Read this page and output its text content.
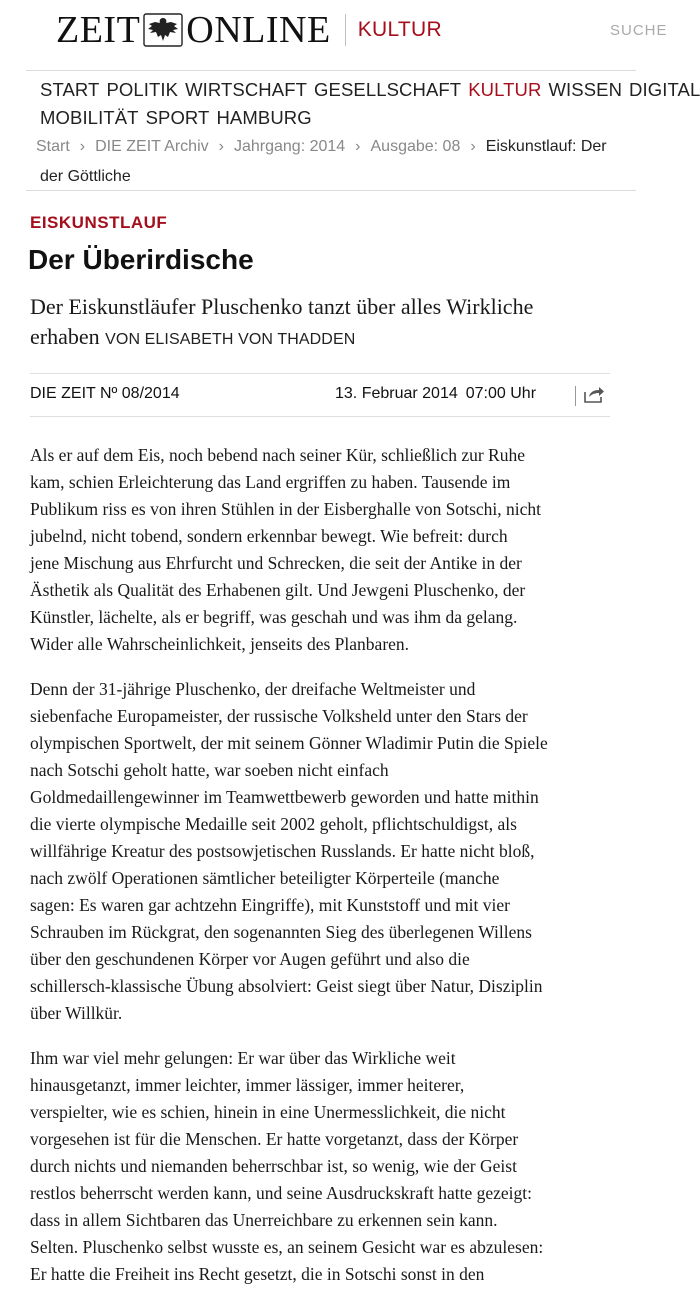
ZEIT ONLINE KULTUR	SUCHE
START POLITIK WIRTSCHAFT GESELLSCHAFT KULTUR WISSEN DIGITAL
MOBILITÄT SPORT HAMBURG
Start › DIE ZEIT Archiv › Jahrgang: 2014 › Ausgabe: 08 › Eiskunstlauf: Der
der Göttliche
EISKUNSTLAUF
Der Überirdische
Der Eiskunstläufer Pluschenko tanzt über alles Wirkliche
erhaben VON ELISABETH VON THADDEN
DIE ZEIT Nº 08/2014	13. Februar 2014 07:00 Uhr

Als er auf dem Eis, noch bebend nach seiner Kür, schließlich zur Ruhe
kam, schien Erleichterung das Land ergriffen zu haben. Tausende im
Publikum riss es von ihren Stühlen in der Eisberghalle von Sotschi, nicht
jubelnd, nicht tobend, sondern erkennbar bewegt. Wie befreit: durch
jene Mischung aus Ehrfurcht und Schrecken, die seit der Antike in der
Ästhetik als Qualität des Erhabenen gilt. Und Jewgeni Pluschenko, der
Künstler, lächelte, als er begriff, was geschah und was ihm da gelang.
Wider alle Wahrscheinlichkeit, jenseits des Planbaren.

Denn der 31-jährige Pluschenko, der dreifache Weltmeister und
siebenfache Europameister, der russische Volksheld unter den Stars der
olympischen Sportwelt, der mit seinem Gönner Wladimir Putin die Spiele
nach Sotschi geholt hatte, war soeben nicht einfach
Goldmedaillengewinner im Teamwettbewerb geworden und hatte mithin
die vierte olympische Medaille seit 2002 geholt, pflichtschuldigst, als
willfährige Kreatur des postsowjetischen Russlands. Er hatte nicht bloß,
nach zwölf Operationen sämtlicher beteiligter Körperteile (manche
sagen: Es waren gar achtzehn Eingriffe), mit Kunststoff und mit vier
Schrauben im Rückgrat, den sogenannten Sieg des überlegenen Willens
über den geschundenen Körper vor Augen geführt und also die
schillersch-klassische Übung absolviert: Geist siegt über Natur, Disziplin
über Willkür.

Ihm war viel mehr gelungen: Er war über das Wirkliche weit
hinausgetanzt, immer leichter, immer lässiger, immer heiterer,
verspielter, wie es schien, hinein in eine Unermesslichkeit, die nicht
vorgesehen ist für die Menschen. Er hatte vorgetanzt, dass der Körper
durch nichts und niemanden beherrschbar ist, so wenig, wie der Geist
restlos beherrscht werden kann, und seine Ausdruckskraft hatte gezeigt:
dass in allem Sichtbaren das Unerreichbare zu erkennen sein kann.
Selten. Pluschenko selbst wusste es, an seinem Gesicht war es abzulesen:
Er hatte die Freiheit ins Recht gesetzt, die in Sotschi sonst in den
